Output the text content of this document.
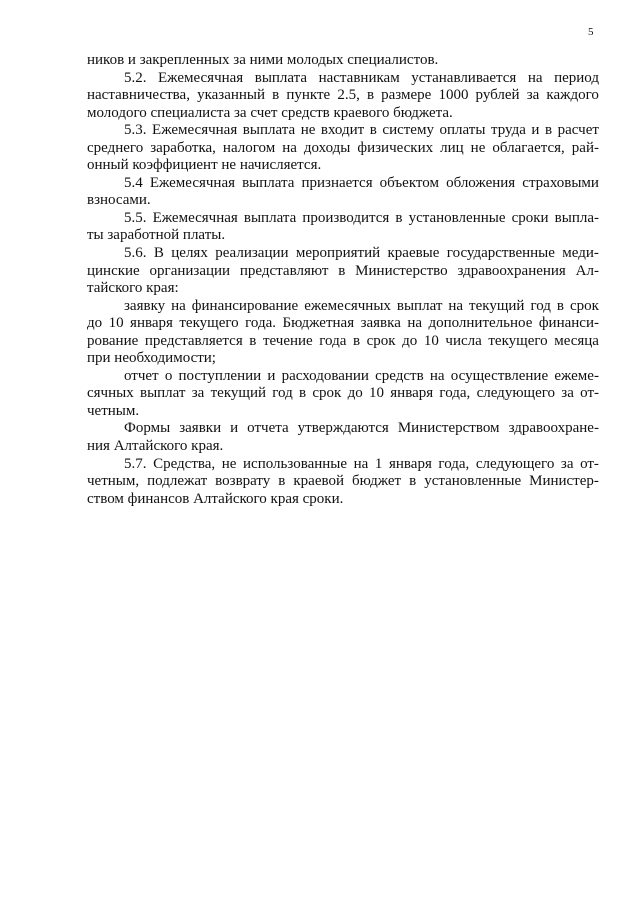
5
ников и закрепленных за ними молодых специалистов.
5.2. Ежемесячная выплата наставникам устанавливается на период
наставничества, указанный в пункте 2.5, в размере 1000 рублей за каждого
молодого специалиста за счет средств краевого бюджета.
5.3. Ежемесячная выплата не входит в систему оплаты труда и в расчет
среднего заработка, налогом на доходы физических лиц не облагается, рай-
онный коэффициент не начисляется.
5.4 Ежемесячная выплата признается объектом обложения страховыми
взносами.
5.5. Ежемесячная выплата производится в установленные сроки выпла-
ты заработной платы.
5.6. В целях реализации мероприятий краевые государственные меди-
цинские организации представляют в Министерство здравоохранения Ал-
тайского края:
заявку на финансирование ежемесячных выплат на текущий год в срок
до 10 января текущего года. Бюджетная заявка на дополнительное финанси-
рование представляется в течение года в срок до 10 числа текущего месяца
при необходимости;
отчет о поступлении и расходовании средств на осуществление ежеме-
сячных выплат за текущий год в срок до 10 января года, следующего за от-
четным.
Формы заявки и отчета утверждаются Министерством здравоохране-
ния Алтайского края.
5.7. Средства, не использованные на 1 января года, следующего за от-
четным, подлежат возврату в краевой бюджет в установленные Министер-
ством финансов Алтайского края сроки.
